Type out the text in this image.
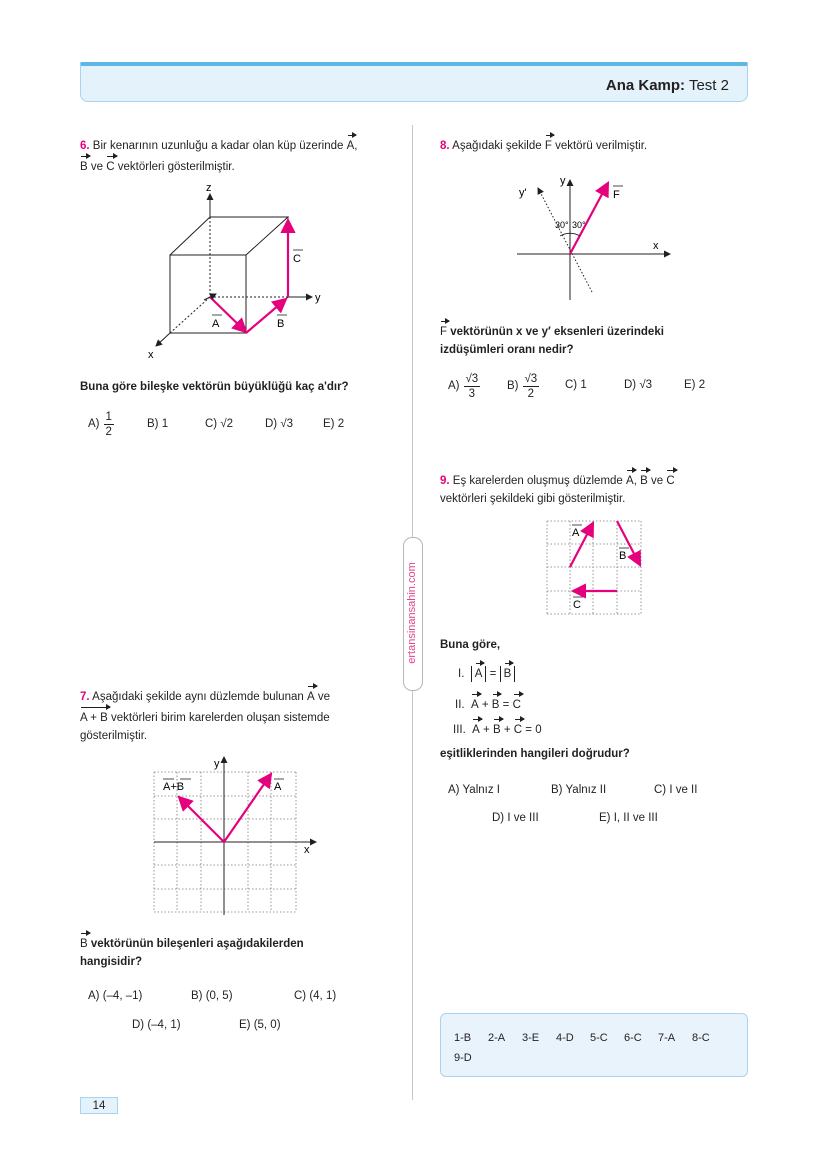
Ana Kamp: Test 2
ertansinansahin.com
6. Bir kenarının uzunluğu a kadar olan küp üzerinde A,
B ve C vektörleri gösterilmiştir.
z
y
x
A	B
C
Buna göre bileşke vektörün büyüklüğü kaç a'dır?
$A) \frac{1}{2}$	B) 1	C) √2	D) √3	E) 2
7. Aşağıdaki şekilde aynı düzlemde bulunan A ve
A + B vektörleri birim karelerden oluşan sistemde
gösterilmiştir.
y
x
A+B	A
B vektörünün bileşenleri aşağıdakilerden
hangisidir?
A) (–4, –1)	B) (0, 5)	C) (4, 1)
D) (–4, 1)	E) (5, 0)
8. Aşağıdaki şekilde F vektörü verilmiştir.
y
y'
x
F
30° 30°
F vektörünün x ve y′ eksenleri üzerindeki
izdüşümleri oranı nedir?
$A) \frac{√3}{3} B) \frac{√3}{2} C$) 1	D) √3	E) 2
9. Eş karelerden oluşmuş düzlemde A, B ve C
vektörleri şekildeki gibi gösterilmiştir.
A
B
C
Buna göre,
I. A = B
II. A + B = C
III. A + B + C = 0
eşitliklerinden hangileri doğrudur?
A) Yalnız I	B) Yalnız II	C) I ve II
D) I ve III	E) I, II ve III
1-B 2-A 3-E 4-D 5-C 6-C 7-A 8-C
9-D
14
